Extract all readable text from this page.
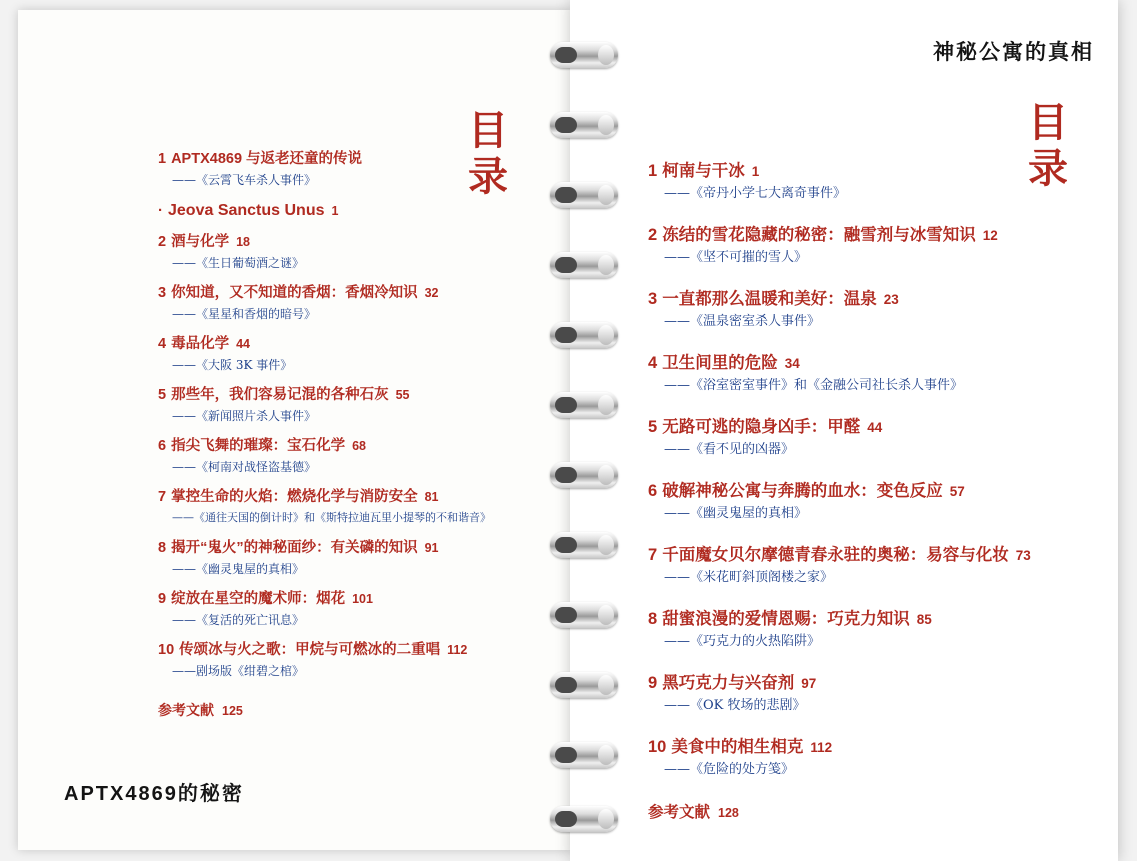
目
录
1 APTX4869 与返老还童的传说
——《云霄飞车杀人事件》
· Jeova Sanctus Unus 1
2 酒与化学 18
——《生日葡萄酒之谜》
3 你知道，又不知道的香烟：香烟冷知识 32
——《星星和香烟的暗号》
4 毒品化学 44
——《大阪 3K 事件》
5 那些年，我们容易记混的各种石灰 55
——《新闻照片杀人事件》
6 指尖飞舞的璀璨：宝石化学 68
——《柯南对战怪盗基德》
7 掌控生命的火焰：燃烧化学与消防安全 81
——《通往天国的倒计时》和《斯特拉迪瓦里小提琴的不和谐音》
8 揭开“鬼火”的神秘面纱：有关磷的知识 91
——《幽灵鬼屋的真相》
9 绽放在星空的魔术师：烟花 101
——《复活的死亡讯息》
10 传颂冰与火之歌：甲烷与可燃冰的二重唱 112
——剧场版《绀碧之棺》
参考文献 125
APTX4869的秘密
神秘公寓的真相
目
录
1 柯南与干冰 1
——《帝丹小学七大离奇事件》
2 冻结的雪花隐藏的秘密：融雪剂与冰雪知识 12
——《坚不可摧的雪人》
3 一直都那么温暖和美好：温泉 23
——《温泉密室杀人事件》
4 卫生间里的危险 34
——《浴室密室事件》和《金融公司社长杀人事件》
5 无路可逃的隐身凶手：甲醛 44
——《看不见的凶器》
6 破解神秘公寓与奔腾的血水：变色反应 57
——《幽灵鬼屋的真相》
7 千面魔女贝尔摩德青春永驻的奥秘：易容与化妆 73
——《米花町斜顶阁楼之家》
8 甜蜜浪漫的爱情恩赐：巧克力知识 85
——《巧克力的火热陷阱》
9 黑巧克力与兴奋剂 97
——《OK 牧场的悲剧》
10 美食中的相生相克 112
——《危险的处方笺》
参考文献 128
